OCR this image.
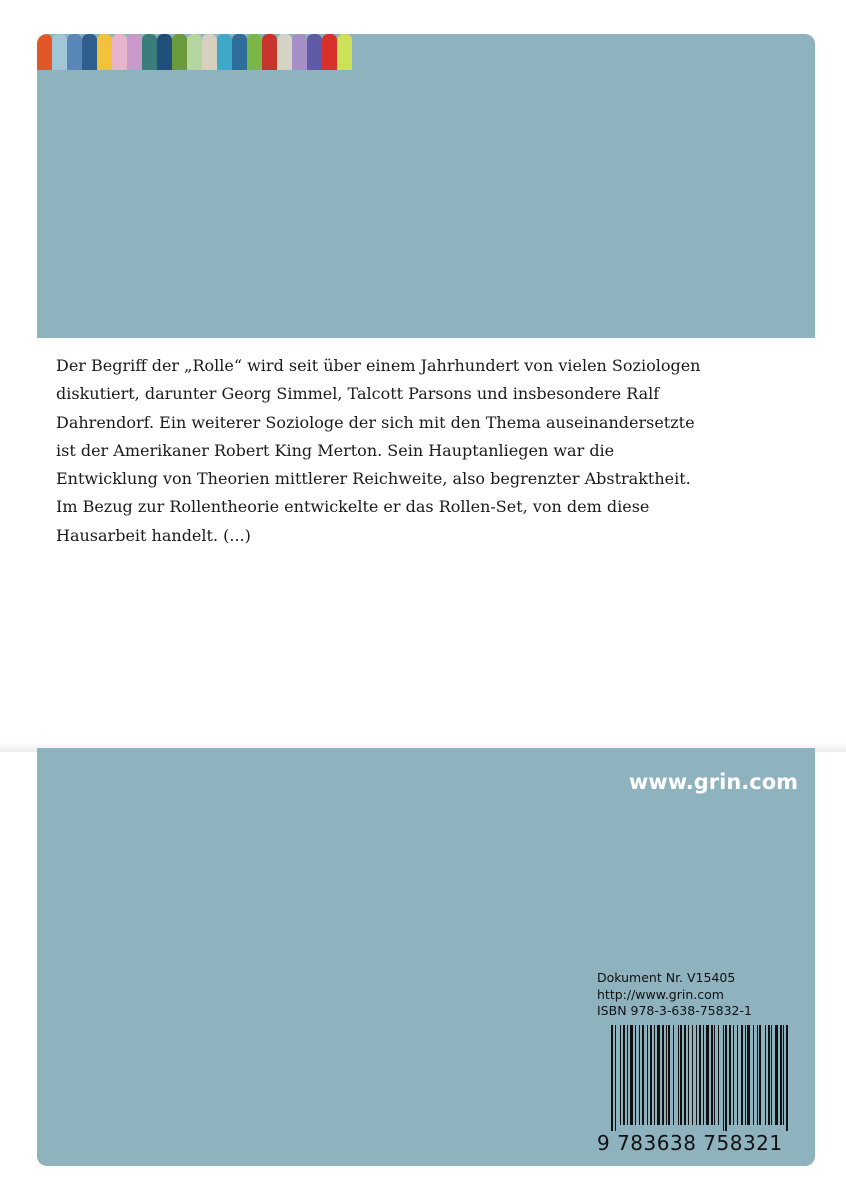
Der Begriff der „Rolle“ wird seit über einem Jahrhundert von vielen Soziologen
diskutiert, darunter Georg Simmel, Talcott Parsons und insbesondere Ralf
Dahrendorf. Ein weiterer Soziologe der sich mit den Thema auseinandersetzte
ist der Amerikaner Robert King Merton. Sein Hauptanliegen war die
Entwicklung von Theorien mittlerer Reichweite, also begrenzter Abstraktheit.
Im Bezug zur Rollentheorie entwickelte er das Rollen-Set, von dem diese
Hausarbeit handelt. (...)
www.grin.com
Dokument Nr. V15405
http://www.grin.com
ISBN 978-3-638-75832-1
9 783638 758321
